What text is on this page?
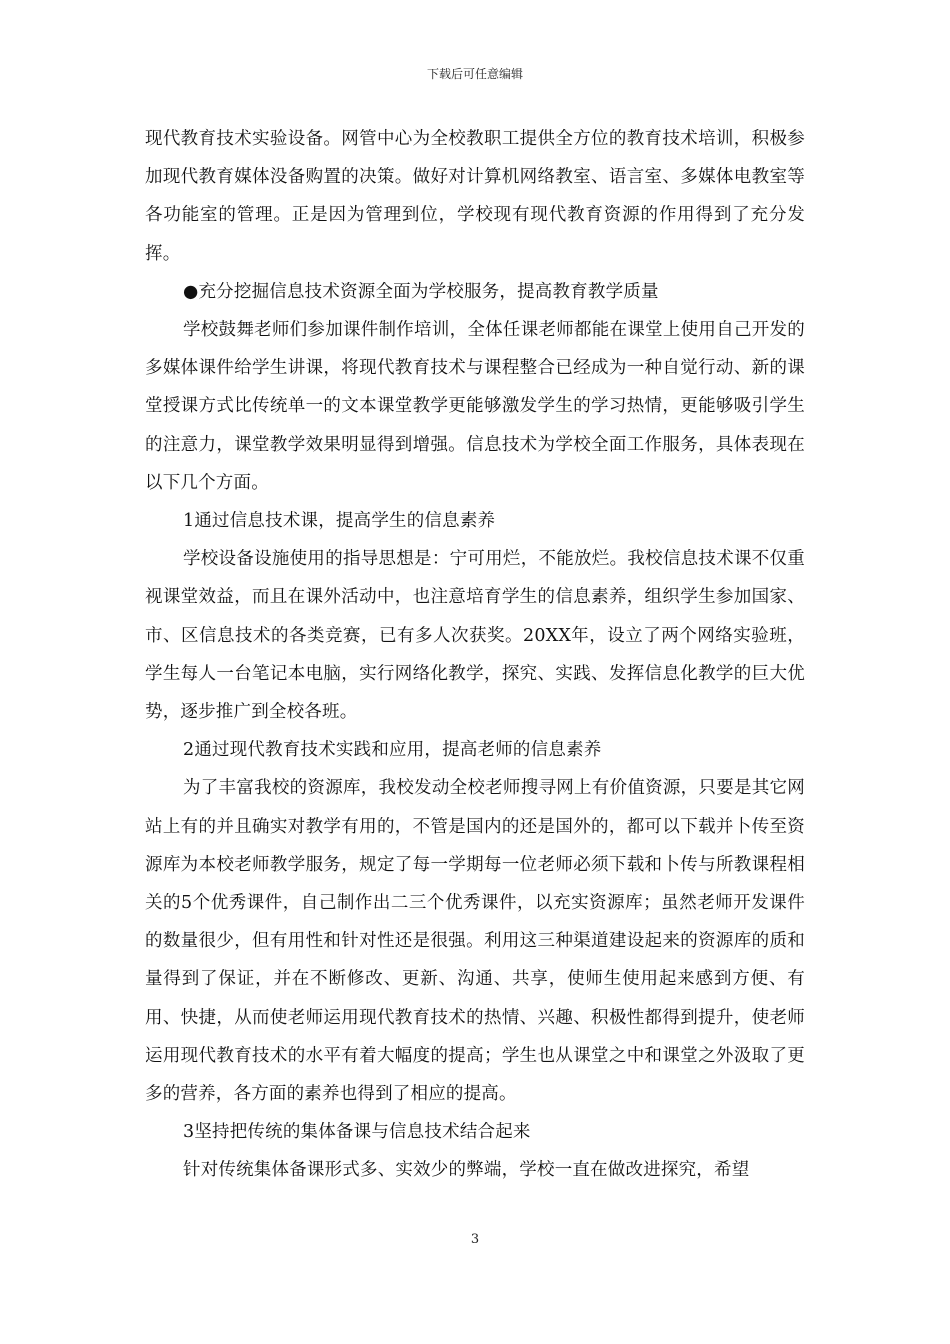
下载后可任意编辑

现代教育技术实验设备。网管中心为全校教职工提供全方位的教育技术培训，积极参加现代教育媒体没备购置的决策。做好对计算机网络教室、语言室、多媒体电教室等各功能室的管理。正是因为管理到位，学校现有现代教育资源的作用得到了充分发挥。

●充分挖掘信息技术资源全面为学校服务，提高教育教学质量

学校鼓舞老师们参加课件制作培训，全体任课老师都能在课堂上使用自己开发的多媒体课件给学生讲课，将现代教育技术与课程整合已经成为一种自觉行动、新的课堂授课方式比传统单一的文本课堂教学更能够激发学生的学习热情，更能够吸引学生的注意力，课堂教学效果明显得到增强。信息技术为学校全面工作服务，具体表现在以下几个方面。

1通过信息技术课，提高学生的信息素养

学校设备设施使用的指导思想是：宁可用烂，不能放烂。我校信息技术课不仅重视课堂效益，而且在课外活动中，也注意培育学生的信息素养，组织学生参加国家、市、区信息技术的各类竞赛，已有多人次获奖。20XX年，设立了两个网络实验班，学生每人一台笔记本电脑，实行网络化教学，探究、实践、发挥信息化教学的巨大优势，逐步推广到全校各班。

2通过现代教育技术实践和应用，提高老师的信息素养

为了丰富我校的资源库，我校发动全校老师搜寻网上有价值资源，只要是其它网站上有的并且确实对教学有用的，不管是国内的还是国外的，都可以下载并卜传至资源库为本校老师教学服务，规定了每一学期每一位老师必须下载和卜传与所教课程相关的5个优秀课件，自己制作出二三个优秀课件，以充实资源库；虽然老师开发课件的数量很少，但有用性和针对性还是很强。利用这三种渠道建设起来的资源库的质和量得到了保证，并在不断修改、更新、沟通、共享，使师生使用起来感到方便、有用、快捷，从而使老师运用现代教育技术的热情、兴趣、积极性都得到提升，使老师运用现代教育技术的水平有着大幅度的提高；学生也从课堂之中和课堂之外汲取了更多的营养，各方面的素养也得到了相应的提高。

3坚持把传统的集体备课与信息技术结合起来

针对传统集体备课形式多、实效少的弊端，学校一直在做改进探究，希望

3
